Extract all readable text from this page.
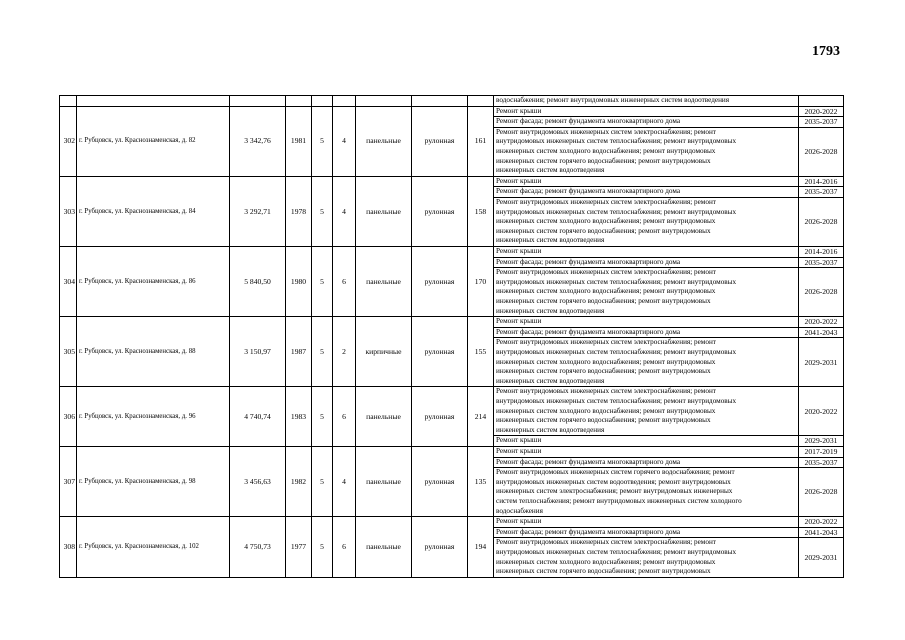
1793
									водоснабжения; ремонт внутридомовых инженерных систем водоотведения	
302	г. Рубцовск, ул. Краснознаменская, д. 82	3 342,76	1981	5	4	панельные	рулонная	161	Ремонт крыши	2020-2022

									Ремонт фасада; ремонт фундамента многоквартирного дома	2035-2037

									Ремонт внутридомовых инженерных систем электроснабжения; ремонт
внутридомовых инженерных систем теплоснабжения; ремонт внутридомовых
инженерных систем холодного водоснабжения; ремонт внутридомовых
инженерных систем горячего водоснабжения; ремонт внутридомовых
инженерных систем водоотведения	2026-2028
303	г. Рубцовск, ул. Краснознаменская, д. 84	3 292,71	1978	5	4	панельные	рулонная	158	Ремонт крыши	2014-2016

									Ремонт фасада; ремонт фундамента многоквартирного дома	2035-2037

									Ремонт внутридомовых инженерных систем электроснабжения; ремонт
внутридомовых инженерных систем теплоснабжения; ремонт внутридомовых
инженерных систем холодного водоснабжения; ремонт внутридомовых
инженерных систем горячего водоснабжения; ремонт внутридомовых
инженерных систем водоотведения	2026-2028
304	г. Рубцовск, ул. Краснознаменская, д. 86	5 840,50	1980	5	6	панельные	рулонная	170	Ремонт крыши	2014-2016

									Ремонт фасада; ремонт фундамента многоквартирного дома	2035-2037

									Ремонт внутридомовых инженерных систем электроснабжения; ремонт
внутридомовых инженерных систем теплоснабжения; ремонт внутридомовых
инженерных систем холодного водоснабжения; ремонт внутридомовых
инженерных систем горячего водоснабжения; ремонт внутридомовых
инженерных систем водоотведения	2026-2028
305	г. Рубцовск, ул. Краснознаменская, д. 88	3 150,97	1987	5	2	кирпичные	рулонная	155	Ремонт крыши	2020-2022

									Ремонт фасада; ремонт фундамента многоквартирного дома	2041-2043

									Ремонт внутридомовых инженерных систем электроснабжения; ремонт
внутридомовых инженерных систем теплоснабжения; ремонт внутридомовых
инженерных систем холодного водоснабжения; ремонт внутридомовых
инженерных систем горячего водоснабжения; ремонт внутридомовых
инженерных систем водоотведения	2029-2031
306	г. Рубцовск, ул. Краснознаменская, д. 96	4 740,74	1983	5	6	панельные	рулонная	214	Ремонт внутридомовых инженерных систем электроснабжения; ремонт
внутридомовых инженерных систем теплоснабжения; ремонт внутридомовых
инженерных систем холодного водоснабжения; ремонт внутридомовых
инженерных систем горячего водоснабжения; ремонт внутридомовых
инженерных систем водоотведения	2020-2022

									Ремонт крыши	2029-2031
307	г. Рубцовск, ул. Краснознаменская, д. 98	3 456,63	1982	5	4	панельные	рулонная	135	Ремонт крыши	2017-2019

									Ремонт фасада; ремонт фундамента многоквартирного дома	2035-2037

									Ремонт внутридомовых инженерных систем горячего водоснабжения; ремонт
внутридомовых инженерных систем водоотведения; ремонт внутридомовых
инженерных систем электроснабжения; ремонт внутридомовых инженерных
систем теплоснабжения; ремонт внутридомовых инженерных систем холодного
водоснабжения	2026-2028
308	г. Рубцовск, ул. Краснознаменская, д. 102	4 750,73	1977	5	6	панельные	рулонная	194	Ремонт крыши	2020-2022

									Ремонт фасада; ремонт фундамента многоквартирного дома	2041-2043

									Ремонт внутридомовых инженерных систем электроснабжения; ремонт
внутридомовых инженерных систем теплоснабжения; ремонт внутридомовых
инженерных систем холодного водоснабжения; ремонт внутридомовых
инженерных систем горячего водоснабжения; ремонт внутридомовых	2029-2031
